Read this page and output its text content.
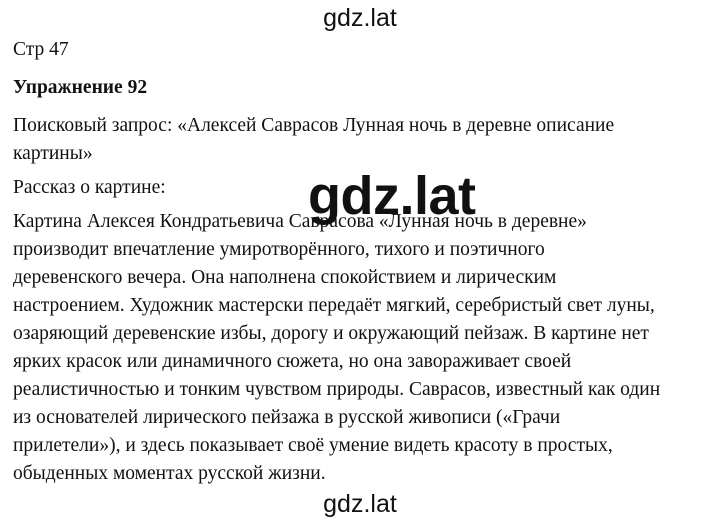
gdz.lat

Стр 47

Упражнение 92

Поисковый запрос: «Алексей Саврасов Лунная ночь в деревне описание
картины»

Рассказ о картине:

Картина Алексея Кондратьевича Саврасова «Лунная ночь в деревне»
производит впечатление умиротворённого, тихого и поэтичного
деревенского вечера. Она наполнена спокойствием и лирическим
настроением. Художник мастерски передаёт мягкий, серебристый свет луны,
озаряющий деревенские избы, дорогу и окружающий пейзаж. В картине нет
ярких красок или динамичного сюжета, но она завораживает своей
реалистичностью и тонким чувством природы. Саврасов, известный как один
из основателей лирического пейзажа в русской живописи («Грачи
прилетели»), и здесь показывает своё умение видеть красоту в простых,
обыденных моментах русской жизни.

gdz.lat
gdz.lat
